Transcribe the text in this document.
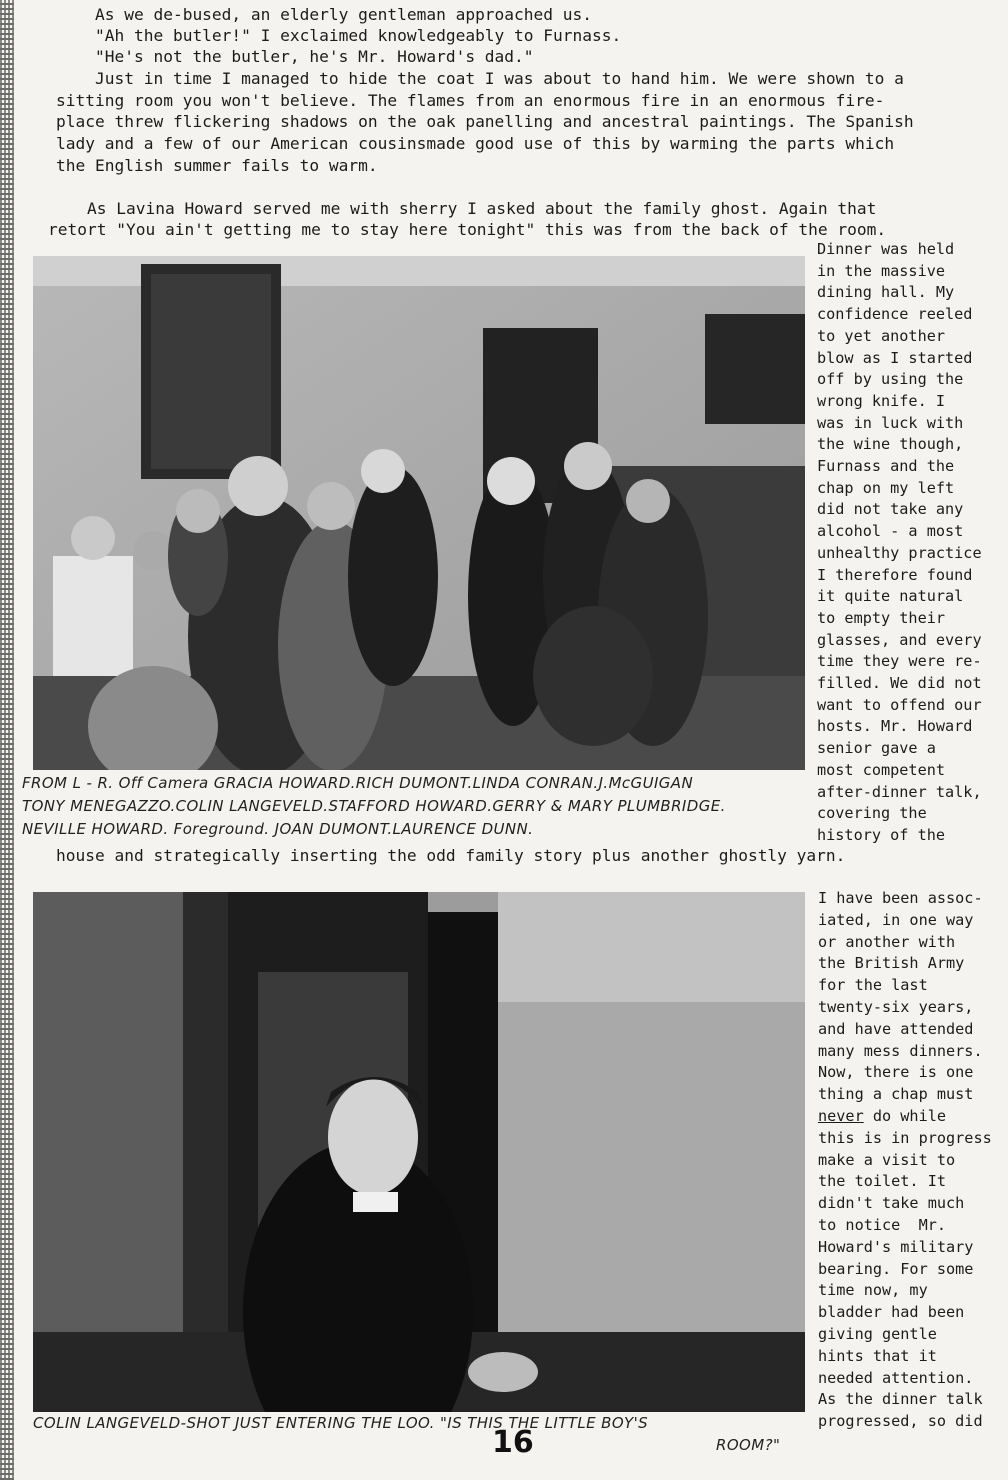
As we de-bused, an elderly gentleman approached us.
"Ah the butler!" I exclaimed knowledgeably to Furnass.
"He's not the butler, he's Mr. Howard's dad."
Just in time I managed to hide the coat I was about to hand him. We were shown to a
sitting room you won't believe. The flames from an enormous fire in an enormous fire-
place threw flickering shadows on the oak panelling and ancestral paintings. The Spanish
lady and a few of our American cousinsmade good use of this by warming the parts which
the English summer fails to warm.
As Lavina Howard served me with sherry I asked about the family ghost. Again that
retort "You ain't getting me to stay here tonight" this was from the back of the room.
FROM L - R. Off Camera GRACIA HOWARD.RICH DUMONT.LINDA CONRAN.J.McGUIGAN
TONY MENEGAZZO.COLIN LANGEVELD.STAFFORD HOWARD.GERRY & MARY PLUMBRIDGE.
NEVILLE HOWARD. Foreground. JOAN DUMONT.LAURENCE DUNN.
Dinner was held
in the massive
dining hall. My
confidence reeled
to yet another
blow as I started
off by using the
wrong knife. I
was in luck with
the wine though,
Furnass and the
chap on my left
did not take any
alcohol - a most
unhealthy practice
I therefore found
it quite natural
to empty their
glasses, and every
time they were re-
filled. We did not
want to offend our
hosts. Mr. Howard
senior gave a
most competent
after-dinner talk,
covering the
history of the
house and strategically inserting the odd family story plus another ghostly yarn.
I have been assoc-
iated, in one way
or another with
the British Army
for the last
twenty-six years,
and have attended
many mess dinners.
Now, there is one
thing a chap must
never do while
this is in progress
make a visit to
the toilet. It
didn't take much
to notice  Mr.
Howard's military
bearing. For some
time now, my
bladder had been
giving gentle
hints that it
needed attention.
As the dinner talk
progressed, so did
COLIN LANGEVELD-SHOT JUST ENTERING THE LOO. "IS THIS THE LITTLE BOY'S
ROOM?"
16
